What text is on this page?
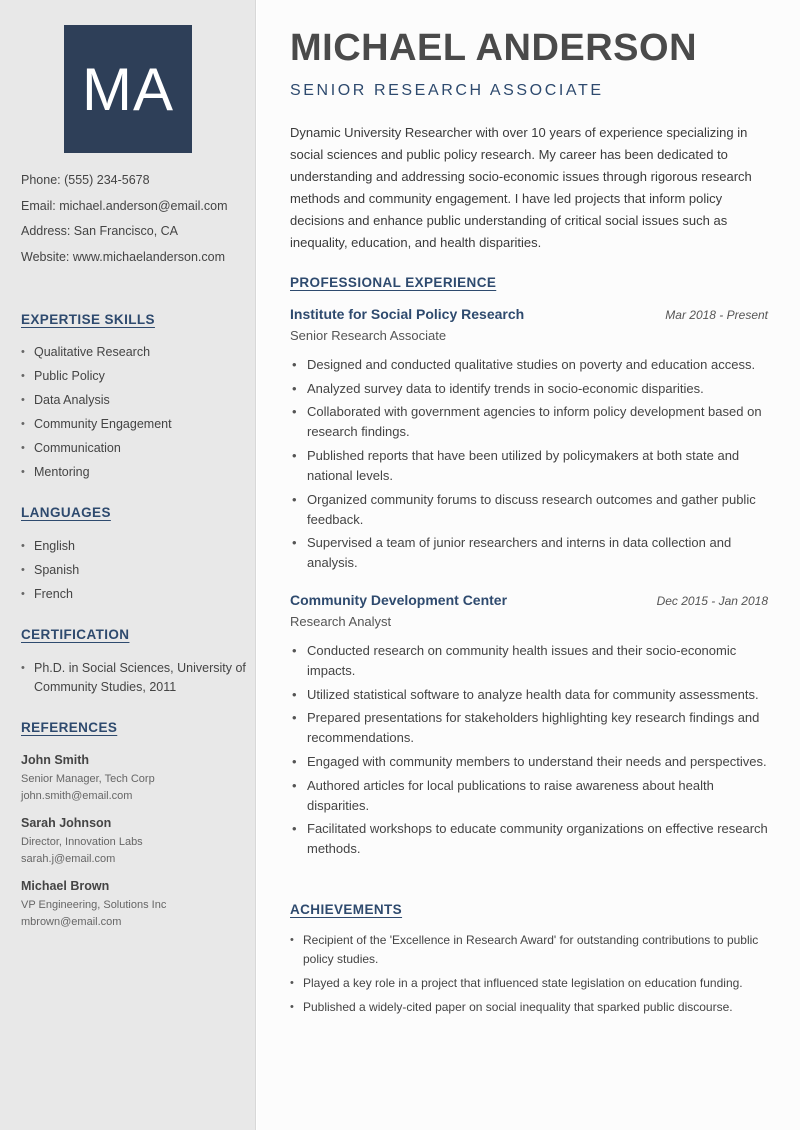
MA
Phone: (555) 234-5678
Email: michael.anderson@email.com
Address: San Francisco, CA
Website: www.michaelanderson.com
EXPERTISE SKILLS
• Qualitative Research
• Public Policy
• Data Analysis
• Community Engagement
• Communication
• Mentoring
LANGUAGES
• English
• Spanish
• French
CERTIFICATION
• Ph.D. in Social Sciences, University of Community Studies, 2011
REFERENCES
John Smith
Senior Manager, Tech Corp
john.smith@email.com
Sarah Johnson
Director, Innovation Labs
sarah.j@email.com
Michael Brown
VP Engineering, Solutions Inc
mbrown@email.com
MICHAEL ANDERSON
SENIOR RESEARCH ASSOCIATE

Dynamic University Researcher with over 10 years of experience specializing in social sciences and public policy research. My career has been dedicated to understanding and addressing socio-economic issues through rigorous research methods and community engagement. I have led projects that inform policy decisions and enhance public understanding of critical social issues such as inequality, education, and health disparities.

PROFESSIONAL EXPERIENCE
Institute for Social Policy Research	Mar 2018 - Present
Senior Research Associate
• Designed and conducted qualitative studies on poverty and education access.
• Analyzed survey data to identify trends in socio-economic disparities.
• Collaborated with government agencies to inform policy development based on research findings.
• Published reports that have been utilized by policymakers at both state and national levels.
• Organized community forums to discuss research outcomes and gather public feedback.
• Supervised a team of junior researchers and interns in data collection and analysis.
Community Development Center	Dec 2015 - Jan 2018
Research Analyst
• Conducted research on community health issues and their socio-economic impacts.
• Utilized statistical software to analyze health data for community assessments.
• Prepared presentations for stakeholders highlighting key research findings and recommendations.
• Engaged with community members to understand their needs and perspectives.
• Authored articles for local publications to raise awareness about health disparities.
• Facilitated workshops to educate community organizations on effective research methods.
ACHIEVEMENTS
• Recipient of the 'Excellence in Research Award' for outstanding contributions to public policy studies.
• Played a key role in a project that influenced state legislation on education funding.
• Published a widely-cited paper on social inequality that sparked public discourse.
